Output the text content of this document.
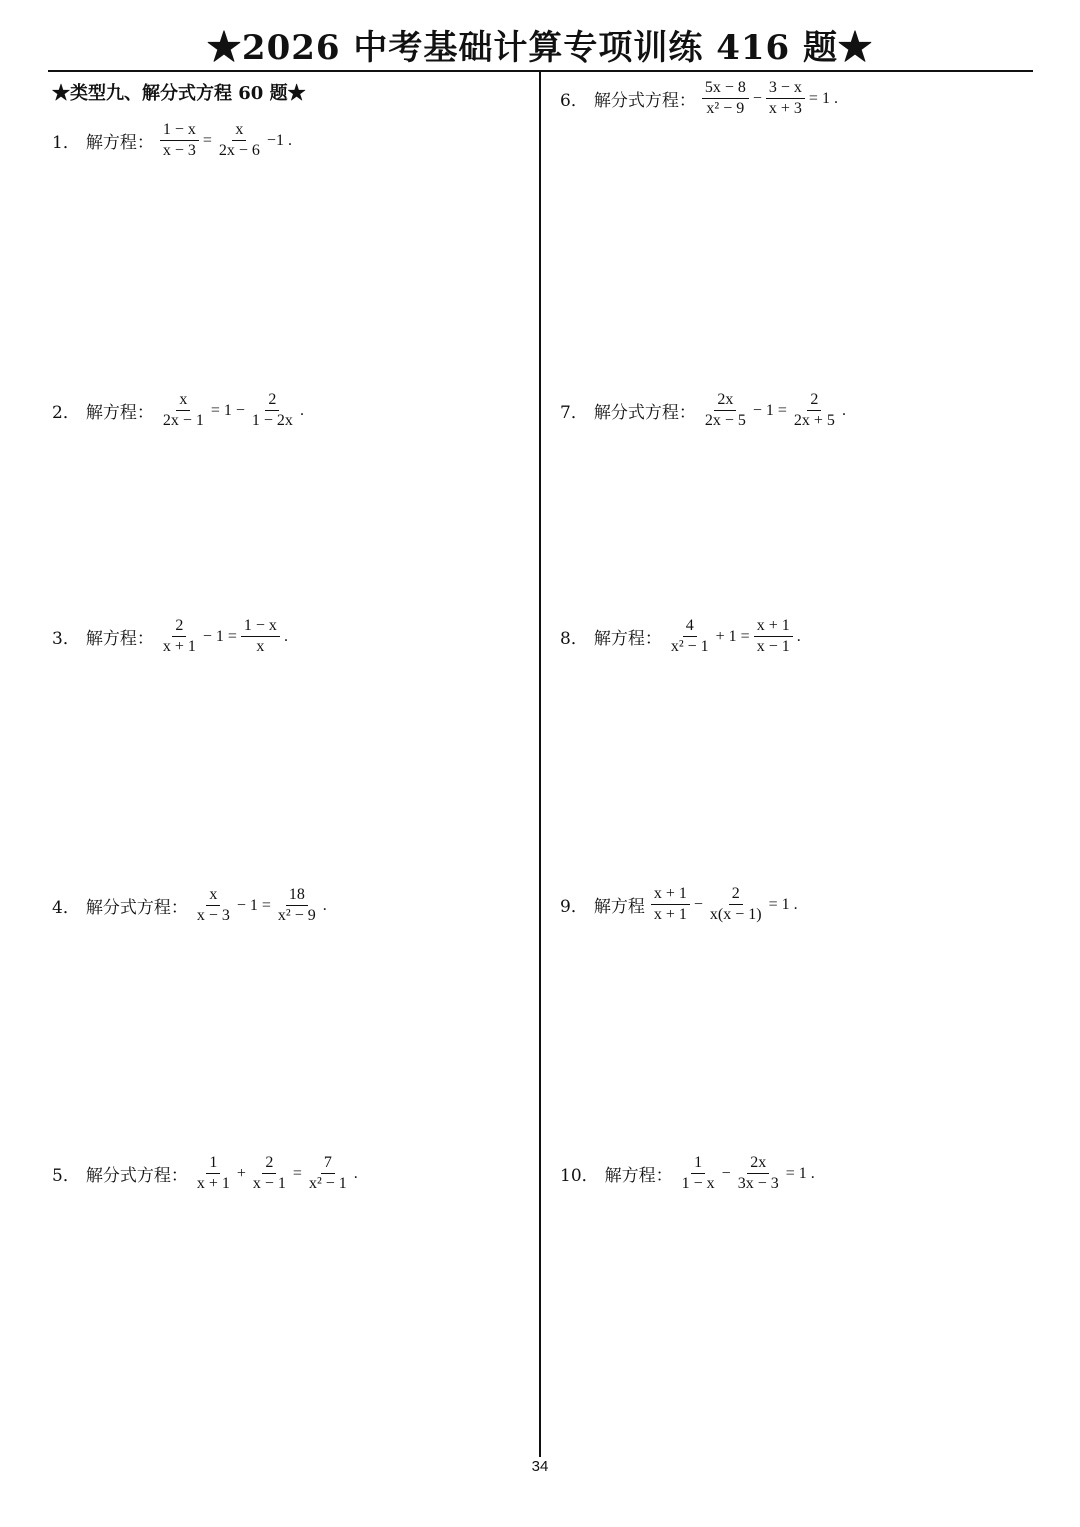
★2026 中考基础计算专项训练 416 题★
★类型九、解分式方程 60 题★
1． 解方程： $\frac{1 - x}{x - 3} = \frac{x}{2x - 6} -1$ .
2． 解方程： $\frac{x}{2x - 1} = 1 - \frac{2}{1 - 2x}$ .
3． 解方程： $\frac{2}{x + 1} - 1 = \frac{1 - x}{x}$ .
4． 解分式方程： $\frac{x}{x - 3} - 1 = \frac{18}{\text{x² − 9}}$ .
5． 解分式方程： $\frac{1}{x + 1} + \frac{2}{x - 1} = \frac{7}{\text{x² − 1}}$ .
6． 解分式方程： $\frac{5x - 8}{\text{x² − 9}} - \frac{3 - x}{x + 3} = 1$ .
7． 解分式方程： $\frac{2x}{2x - 5} - 1 = \frac{2}{2x + 5}$ .
8． 解方程： $\frac{4}{\text{x² − 1}} + 1 = \frac{x + 1}{x - 1}$ .
9． 解方程 $\frac{x + 1}{x + 1} - \frac{2}{x(x - 1)} = 1$ .
10． 解方程： $\frac{1}{1 - x} - \frac{2x}{3x - 3} = 1$ .
34
